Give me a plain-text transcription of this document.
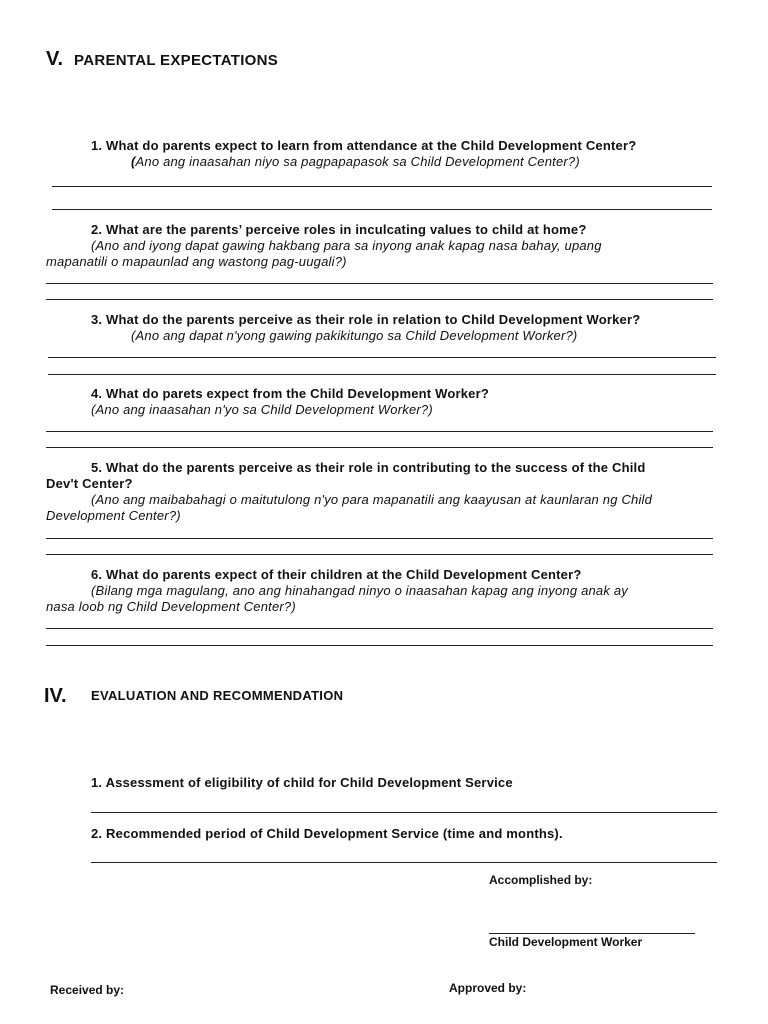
V. PARENTAL EXPECTATIONS
1. What do parents expect to learn from attendance at the Child Development Center?
(Ano ang inaasahan niyo sa pagpapapasok sa Child Development Center?)
2. What are the parents’ perceive roles in inculcating values to child at home?
(Ano and iyong dapat gawing hakbang para sa inyong anak kapag nasa bahay, upang
mapanatili o mapaunlad ang wastong pag-uugali?)
3. What do the parents perceive as their role in relation to Child Development Worker?
(Ano ang dapat n'yong gawing pakikitungo sa Child Development Worker?)
4. What do parets expect from the Child Development Worker?
(Ano ang inaasahan n'yo sa Child Development Worker?)
5. What do the parents perceive as their role in contributing to the success of the Child
Dev't Center?
(Ano ang maibabahagi o maitutulong n'yo para mapanatili ang kaayusan at kaunlaran ng Child
Development Center?)
6. What do parents expect of their children at the Child Development Center?
(Bilang mga magulang, ano ang hinahangad ninyo o inaasahan kapag ang inyong anak ay
nasa loob ng Child Development Center?)
IV. EVALUATION AND RECOMMENDATION
1. Assessment of eligibility of child for Child Development Service
2. Recommended period of Child Development Service (time and months).
Accomplished by:
Child Development Worker
Received by:	Approved by:
